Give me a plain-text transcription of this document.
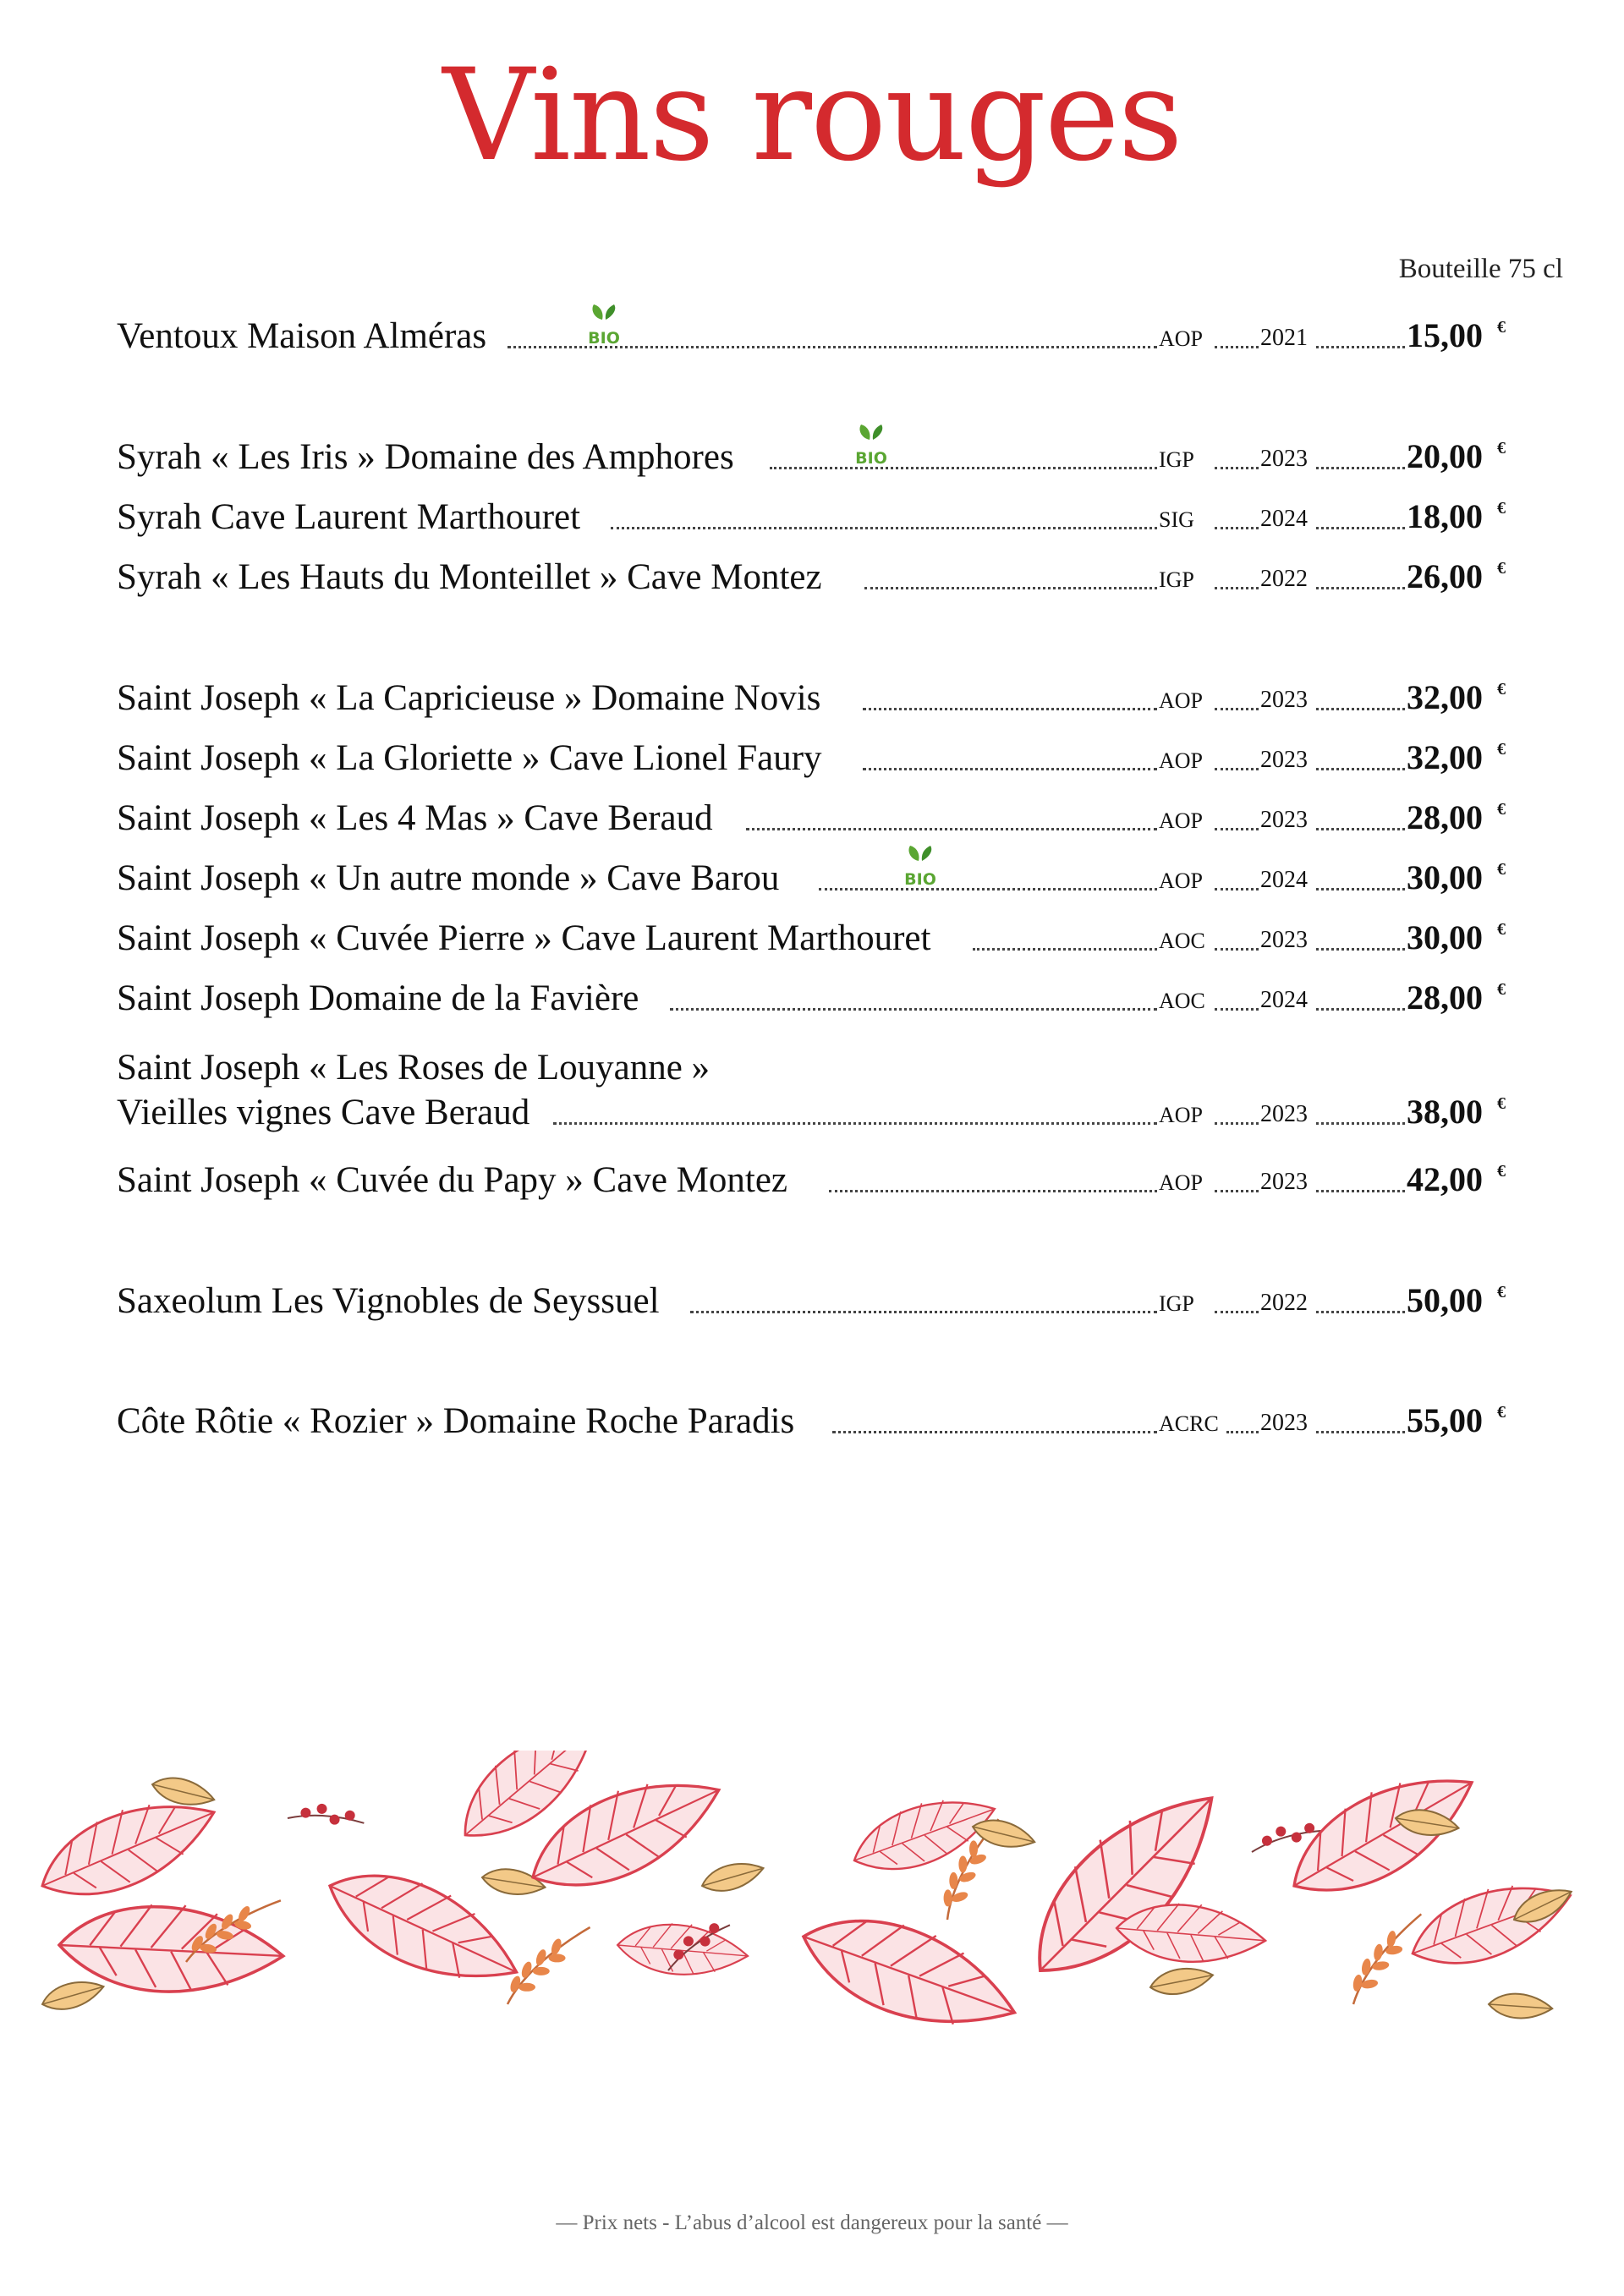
Vins rouges
Bouteille 75 cl
Ventoux Maison Alméras	AOP 2021	15,00 €
BIO
Syrah « Les Iris » Domaine des Amphores	IGP	2023	20,00 €
BIO
Syrah Cave Laurent Marthouret	SIG	2024	18,00 €
Syrah « Les Hauts du Monteillet » Cave Montez	IGP	2022	26,00 €
Saint Joseph « La Capricieuse » Domaine Novis	AOP 2023	32,00 €
Saint Joseph « La Gloriette » Cave Lionel Faury	AOP 2023	32,00 €
Saint Joseph « Les 4 Mas » Cave Beraud	AOP 2023	28,00 €
Saint Joseph « Un autre monde » Cave Barou	AOP 2024	30,00 €
BIO
Saint Joseph « Cuvée Pierre » Cave Laurent Marthouret	AOC 2023	30,00 €
Saint Joseph Domaine de la Favière	AOC 2024	28,00 €
Saint Joseph « Les Roses de Louyanne »
Vieilles vignes Cave Beraud	AOP 2023	38,00 €
Saint Joseph « Cuvée du Papy » Cave Montez	AOP 2023	42,00 €
Saxeolum Les Vignobles de Seyssuel	IGP	2022	50,00 €
Côte Rôtie « Rozier » Domaine Roche Paradis	ACRC 2023	55,00 €
— Prix nets - L’abus d’alcool est dangereux pour la santé —
